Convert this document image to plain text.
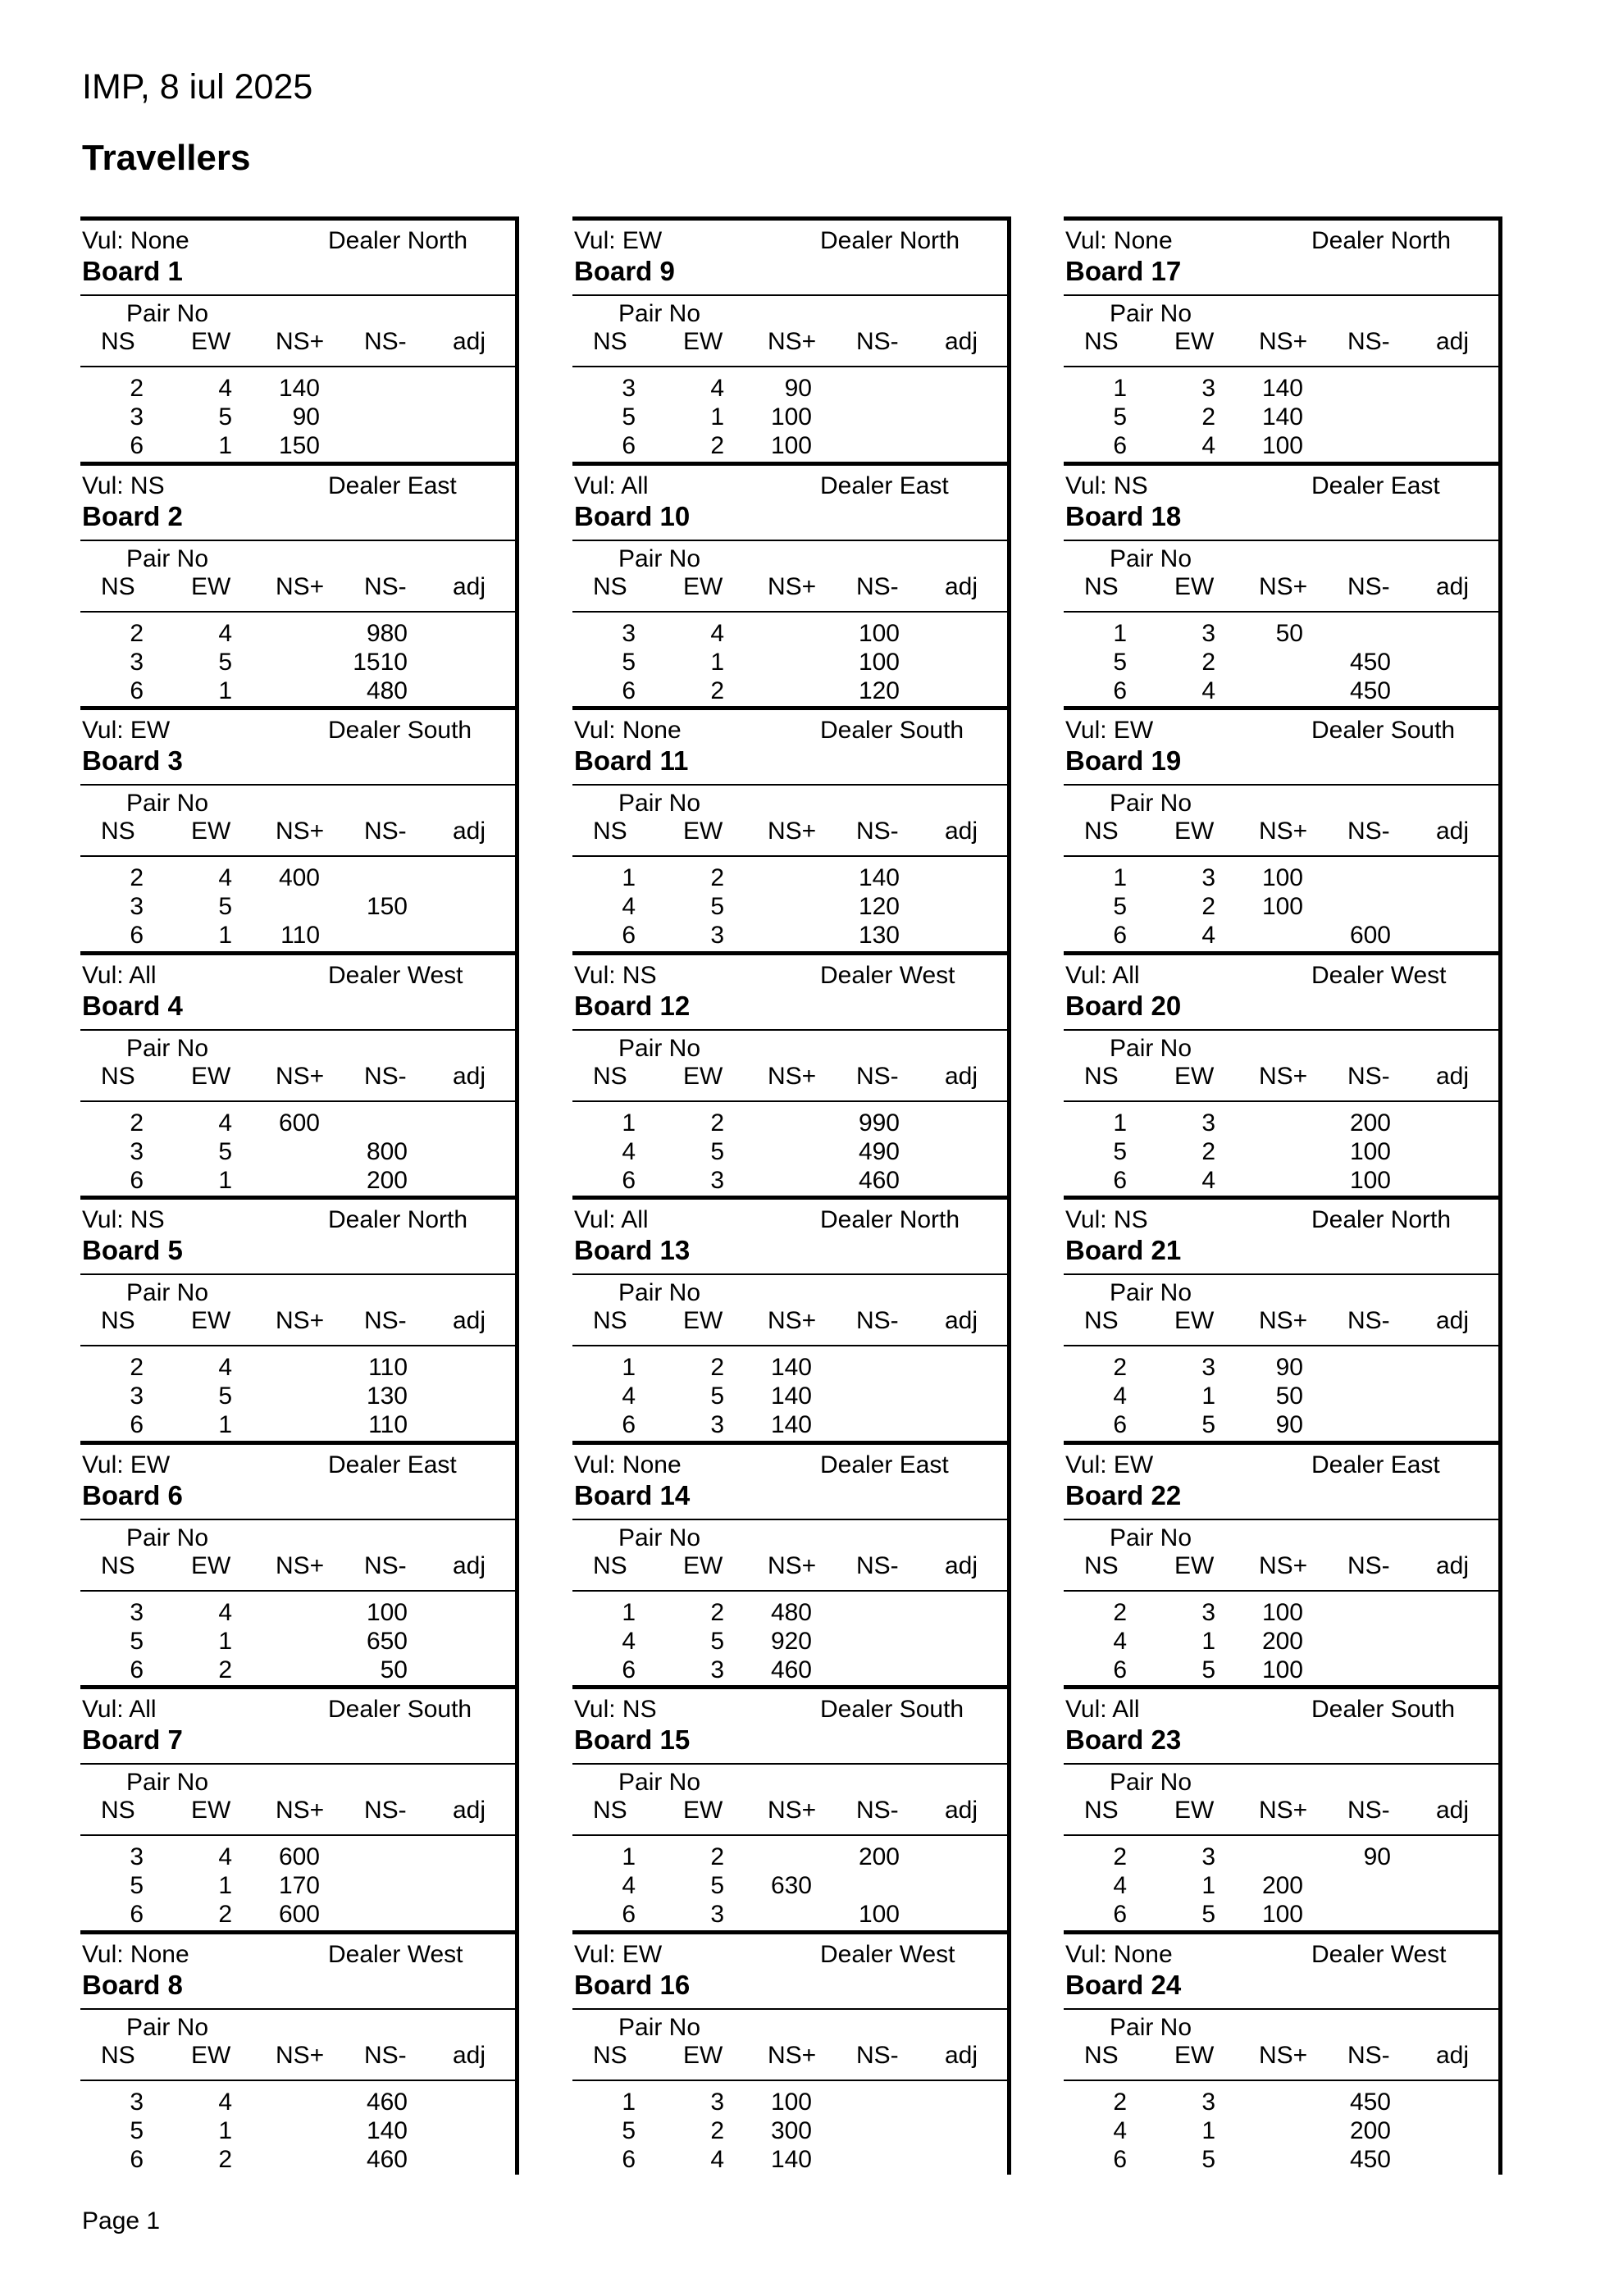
IMP, 8 iul 2025
Travellers
Vul: None	Dealer North
Board 1
Pair No
NS EW NS+ NS- adj
2	4 140
3	5 90
6	1 150
Vul: NS	Dealer East
Board 2
Pair No
NS EW NS+ NS- adj
2	4	980
3	5	1510
6	1	480
Vul: EW	Dealer South
Board 3
Pair No
NS EW NS+ NS- adj
2	4 400
3	5	150
6	1 110
Vul: All	Dealer West
Board 4
Pair No
NS EW NS+ NS- adj
2	4 600
3	5	800
6	1	200
Vul: NS	Dealer North
Board 5
Pair No
NS EW NS+ NS- adj
2	4	110
3	5	130
6	1	110
Vul: EW	Dealer East
Board 6
Pair No
NS EW NS+ NS- adj
3	4	100
5	1	650
6	2	50
Vul: All	Dealer South
Board 7
Pair No
NS EW NS+ NS- adj
3	4 600
5	1 170
6	2 600
Vul: None	Dealer West
Board 8
Pair No
NS EW NS+ NS- adj
3	4	460
5	1	140
6	2	460
Vul: EW	Dealer North
Board 9
Pair No
NS EW NS+ NS- adj
3	4 90
5	1 100
6	2 100
Vul: All	Dealer East
Board 10
Pair No
NS EW NS+ NS- adj
3	4	100
5	1	100
6	2	120
Vul: None	Dealer South
Board 11
Pair No
NS EW NS+ NS- adj
1	2	140
4	5	120
6	3	130
Vul: NS	Dealer West
Board 12
Pair No
NS EW NS+ NS- adj
1	2	990
4	5	490
6	3	460
Vul: All	Dealer North
Board 13
Pair No
NS EW NS+ NS- adj
1	2 140
4	5 140
6	3 140
Vul: None	Dealer East
Board 14
Pair No
NS EW NS+ NS- adj
1	2 480
4	5 920
6	3 460
Vul: NS	Dealer South
Board 15
Pair No
NS EW NS+ NS- adj
1	2	200
4	5 630
6	3	100
Vul: EW	Dealer West
Board 16
Pair No
NS EW NS+ NS- adj
1	3 100
5	2 300
6	4 140
Vul: None	Dealer North
Board 17
Pair No
NS EW NS+ NS- adj
1	3 140
5	2 140
6	4 100
Vul: NS	Dealer East
Board 18
Pair No
NS EW NS+ NS- adj
1	3 50
5	2	450
6	4	450
Vul: EW	Dealer South
Board 19
Pair No
NS EW NS+ NS- adj
1	3 100
5	2 100
6	4	600
Vul: All	Dealer West
Board 20
Pair No
NS EW NS+ NS- adj
1	3	200
5	2	100
6	4	100
Vul: NS	Dealer North
Board 21
Pair No
NS EW NS+ NS- adj
2	3 90
4	1 50
6	5 90
Vul: EW	Dealer East
Board 22
Pair No
NS EW NS+ NS- adj
2	3 100
4	1 200
6	5 100
Vul: All	Dealer South
Board 23
Pair No
NS EW NS+ NS- adj
2	3	90
4	1 200
6	5 100
Vul: None	Dealer West
Board 24
Pair No
NS EW NS+ NS- adj
2	3	450
4	1	200
6	5	450
Page 1
